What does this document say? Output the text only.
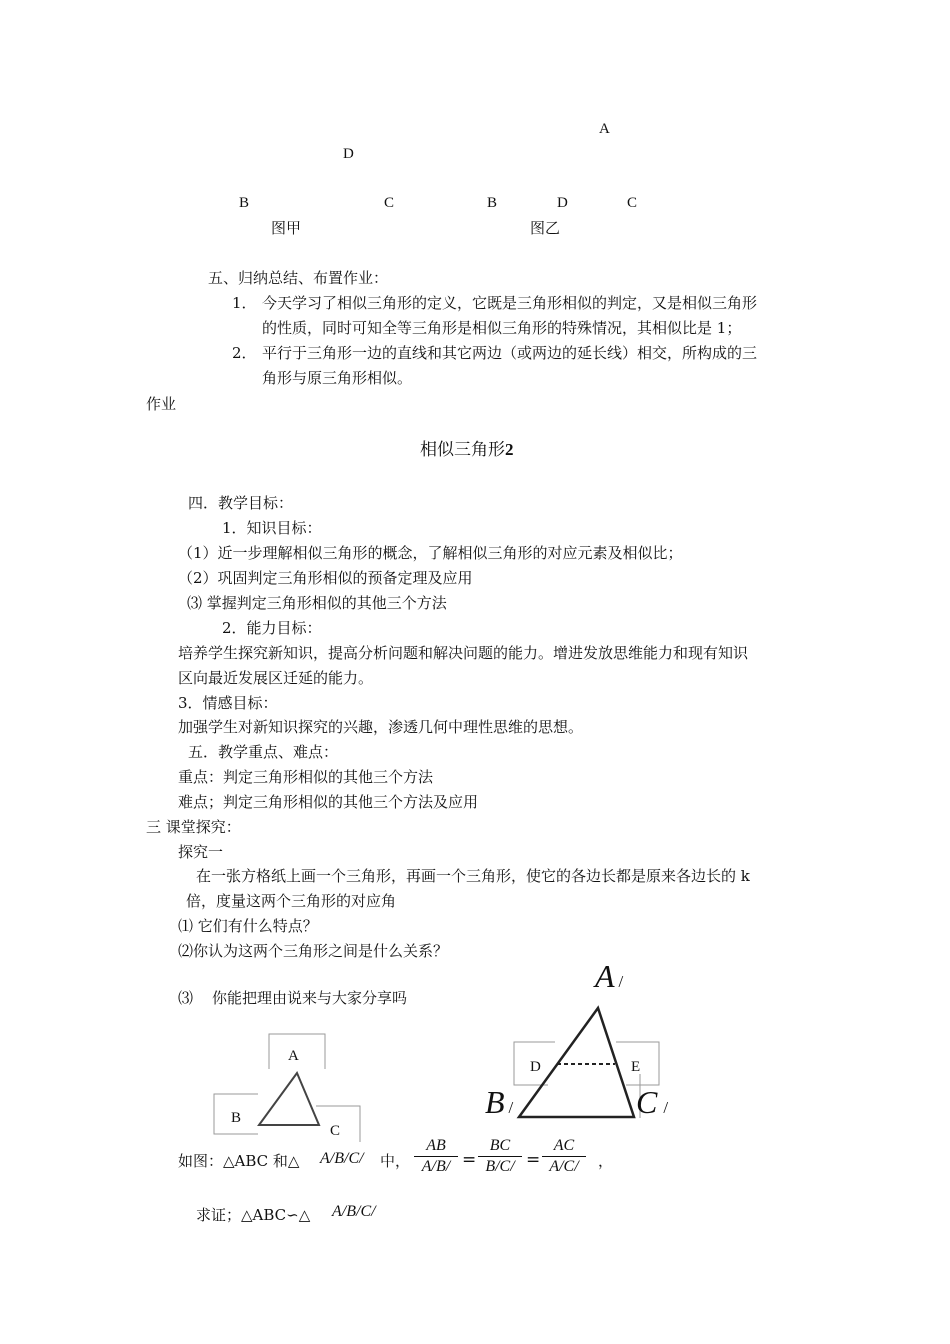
A
D
B	C	B	D	C
图甲	图乙
五、归纳总结、布置作业：
1． 今天学习了相似三角形的定义，它既是三角形相似的判定，又是相似三角形
的性质，同时可知全等三角形是相似三角形的特殊情况，其相似比是 1；
2． 平行于三角形一边的直线和其它两边（或两边的延长线）相交，所构成的三
角形与原三角形相似。
作业
相似三角形2
四．教学目标：
1．知识目标：
（1）近一步理解相似三角形的概念，了解相似三角形的对应元素及相似比；
（2）巩固判定三角形相似的预备定理及应用
⑶ 掌握判定三角形相似的其他三个方法
2．能力目标：
培养学生探究新知识，提高分析问题和解决问题的能力。增进发放思维能力和现有知识
区向最近发展区迁延的能力。
3．情感目标：
加强学生对新知识探究的兴趣，渗透几何中理性思维的思想。
五．教学重点、难点：
重点：判定三角形相似的其他三个方法
难点；判定三角形相似的其他三个方法及应用
三 课堂探究：
探究一
在一张方格纸上画一个三角形，再画一个三角形，使它的各边长都是原来各边长的 k
倍，度量这两个三角形的对应角
⑴ 它们有什么特点？
⑵你认为这两个三角形之间是什么关系？
⑶ 你能把理由说来与大家分享吗
A
B
C
A /
B /	C /
D	E
如图：△ABC 和△ A/B/C/ 中， $\frac{AB}{A/B/} = \frac{BC}{B/C/} = \frac{AC}{A/C/}$ ，
求证；△ABC∽△ A/B/C/
